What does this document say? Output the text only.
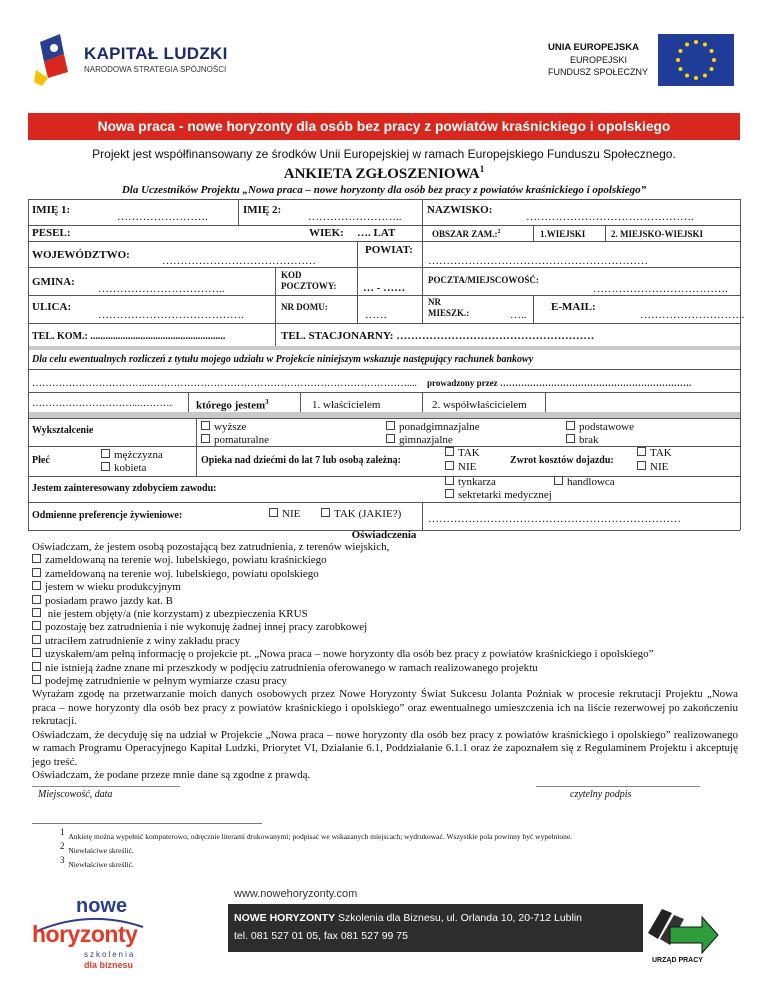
KAPITAŁ LUDZKI
NARODOWA STRATEGIA SPÓJNOŚCI
UNIA EUROPEJSKA
EUROPEJSKI
FUNDUSZ SPOŁECZNY
Nowa praca - nowe horyzonty dla osób bez pracy z powiatów kraśnickiego i opolskiego
Projekt jest współfinansowany ze środków Unii Europejskiej w ramach Europejskiego Funduszu Społecznego.
ANKIETA ZGŁOSZENIOWA$^1$
Dla Uczestników Projektu „Nowa praca – nowe horyzonty dla osób bez pracy z powiatów kraśnickiego i opolskiego”
IMIĘ 1:
…………………….
IMIĘ 2:
……………………..
NAZWISKO:
……………………………………….
PESEL:	WIEK: …. LAT	OBSZAR ZAM.:$^2$	1.WIEJSKI	2. MIEJSKO-WIEJSKI
WOJEWÓDZTWO:	……………………………………
POWIAT:
……………………………………………………
GMINA:
……………………………..
KOD
POCZTOWY: … - ……
POCZTA/MIEJSCOWOŚĆ:
……………………………….
ULICA:
………………………………….
NR DOMU:
……
NR
MIESZK.:	…..
E-MAIL:
………………………..
TEL. KOM.: ......................................................	TEL. STACJONARNY: ………………………………………………
Dla celu ewentualnych rozliczeń z tytułu mojego udziału w Projekcie niniejszym wskazuje następujący rachunek bankowy
……………………………..…………………………………………………………………….... prowadzony przez ……………………………………………………….
…………………………...………. którego jestem$^3$	1. właścicielem	2. współwłaścicielem
Wykształcenie	wyższe
pomaturalne
ponadgimnazjalne
gimnazjalne
podstawowe
brak
Płeć	mężczyzna
kobieta
Opieka nad dziećmi do lat 7 lub osobą zależną:
TAK
NIE
Zwrot kosztów dojazdu:
TAK
NIE
Jestem zainteresowany zdobyciem zawodu:
tynkarza	handlowca
sekretarki medycznej
Odmienne preferencje żywieniowe:	NIE	TAK (JAKIE?) ……………………………………………………………
Oświadczenia

Oświadczam, że jestem osobą pozostającą bez zatrudnienia, z terenów wiejskich,

zameldowaną na terenie woj. lubelskiego, powiatu kraśnickiego
zameldowaną na terenie woj. lubelskiego, powiatu opolskiego
jestem w wieku produkcyjnym
posiadam prawo jazdy kat. B
nie jestem objęty/a (nie korzystam) z ubezpieczenia KRUS
pozostaję bez zatrudnienia i nie wykonuję żadnej innej pracy zarobkowej
utraciłem zatrudnienie z winy zakładu pracy
uzyskałem/am pełną informację o projekcie pt. „Nowa praca – nowe horyzonty dla osób bez pracy z powiatów kraśnickiego i opolskiego”
nie istnieją żadne znane mi przeszkody w podjęciu zatrudnienia oferowanego w ramach realizowanego projektu
podejmę zatrudnienie w pełnym wymiarze czasu pracy

Wyrażam zgodę na przetwarzanie moich danych osobowych przez Nowe Horyzonty Świat Sukcesu Jolanta Pożniak w procesie rekrutacji Projektu „Nowa praca – nowe horyzonty dla osób bez pracy z powiatów kraśnickiego i opolskiego” oraz ewentualnego umieszczenia ich na liście rezerwowej po zakończeniu rekrutacji.

Oświadczam, że decyduję się na udział w Projekcie „Nowa praca – nowe horyzonty dla osób bez pracy z powiatów kraśnickiego i opolskiego” realizowanego w ramach Programu Operacyjnego Kapitał Ludzki, Priorytet VI, Działanie 6.1, Poddziałanie 6.1.1 oraz że zapoznałem się z Regulaminem Projektu i akceptuję jego treść.

Oświadczam, że podane przeze mnie dane są zgodne z prawdą.

Miejscowość, data	czytelny podpis
$^1$ Ankietę można wypełnić komputerowo, odręcznie literami drukowanymi; podpisać we wskazanych miejscach; wydrukować. Wszystkie pola powinny być wypełnione.
$^2$ Niewłaściwe skreślić.
$^3$ Niewłaściwe skreślić.
www.nowehoryzonty.com
NOWE HORYZONTY Szkolenia dla Biznesu, ul. Orlanda 10, 20-712 Lublin
tel. 081 527 01 05, fax 081 527 99 75
nowe
horyzonty
szkolenia
dla biznesu	URZĄD PRACY
